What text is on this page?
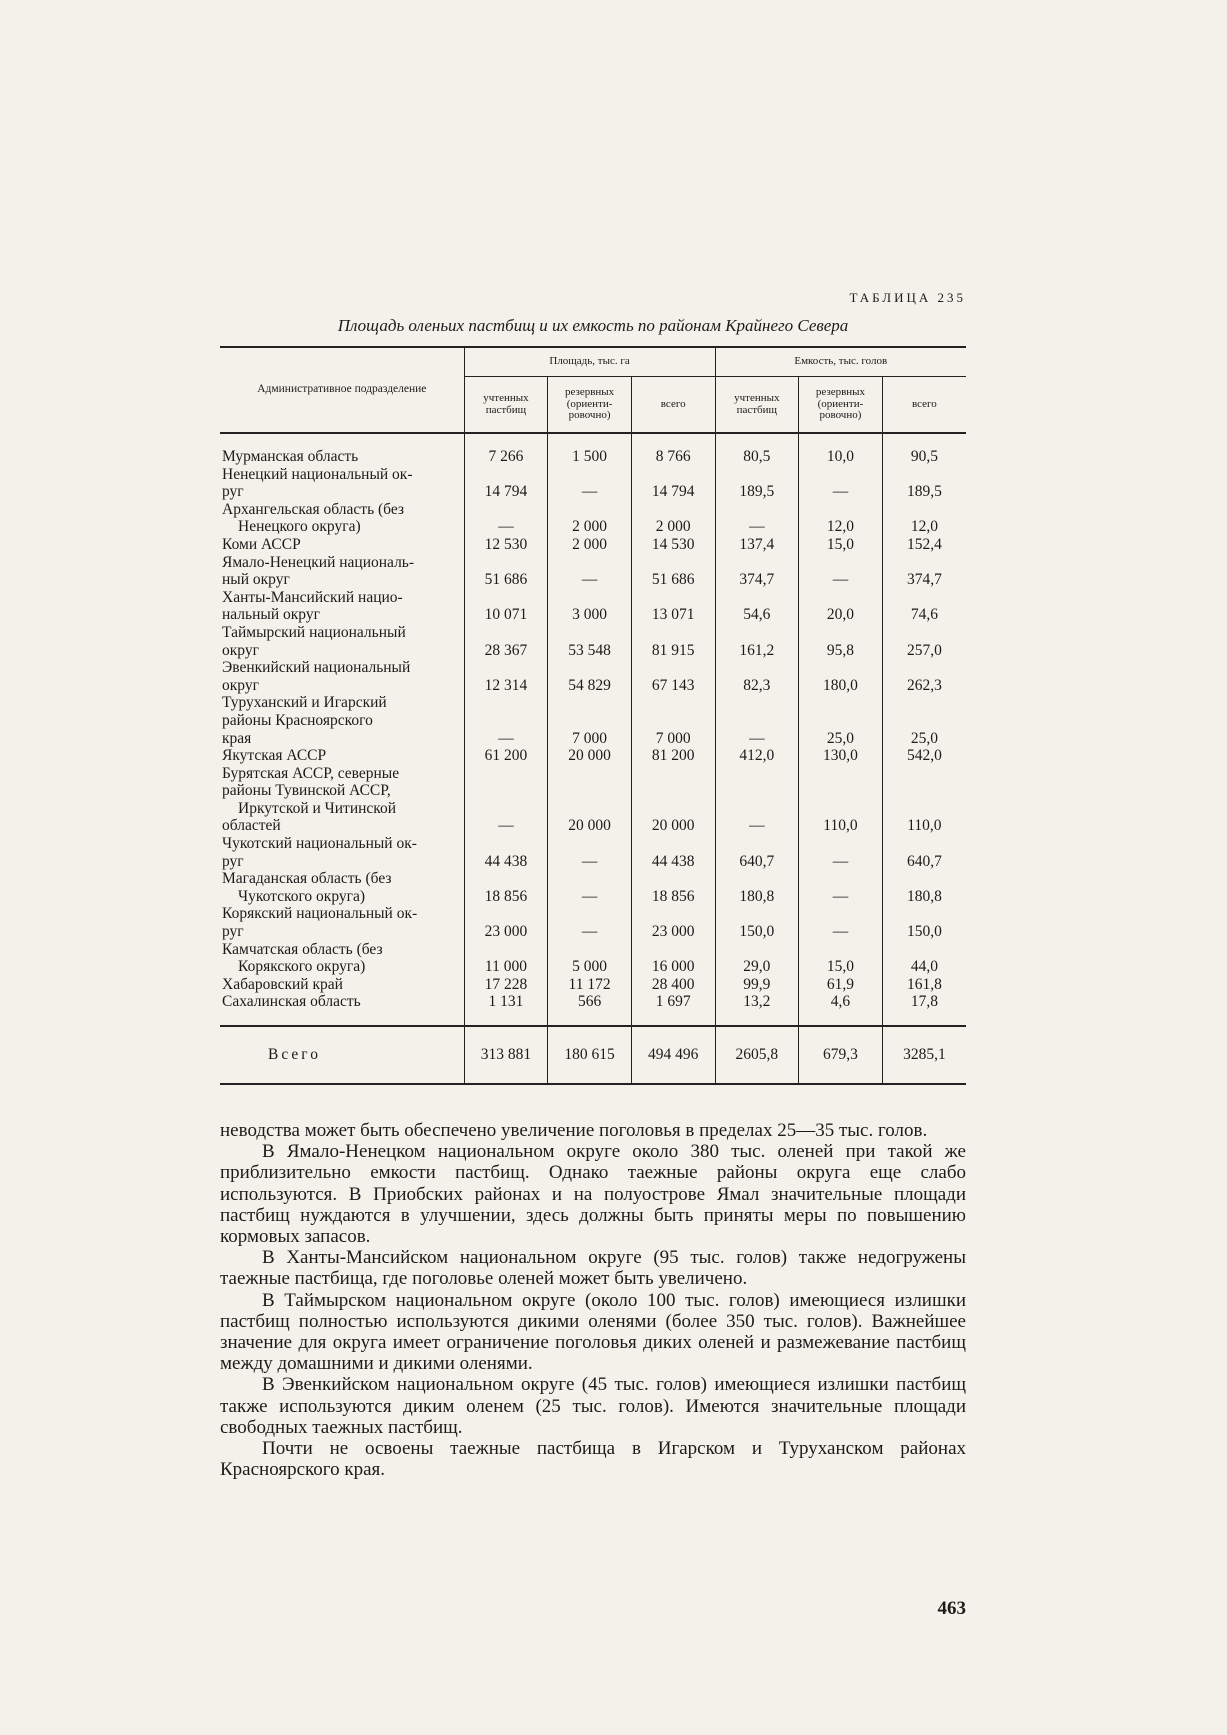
ТАБЛИЦА 235
Площадь оленьих пастбищ и их емкость по районам Крайнего Севера
Административное подразделение	Площадь, тыс. га			Емкость, тыс. голов		
	учтенных пастбищ	резервных (ориенти-ровочно)	всего	учтенных пастбищ	резервных (ориенти-ровочно)	всего

Мурманская область	7 266	1 500	8 766	80,5	10,0	90,5

Ненецкий национальный ок-
руг	14 794	—	14 794	189,5	—	189,5

Архангельская область (без
Ненецкого округа)	—	2 000	2 000	—	12,0	12,0

Коми АССР	12 530	2 000	14 530	137,4	15,0	152,4

Ямало-Ненецкий националь-
ный округ	51 686	—	51 686	374,7	—	374,7

Ханты-Мансийский нацио-
нальный округ	10 071	3 000	13 071	54,6	20,0	74,6

Таймырский национальный
округ	28 367	53 548	81 915	161,2	95,8	257,0

Эвенкийский национальный
округ	12 314	54 829	67 143	82,3	180,0	262,3

Туруханский и Игарский
районы Красноярского
края	—	7 000	7 000	—	25,0	25,0

Якутская АССР	61 200	20 000	81 200	412,0	130,0	542,0

Бурятская АССР, северные
районы Тувинской АССР,
Иркутской и Читинской
областей	—	20 000	20 000	—	110,0	110,0

Чукотский национальный ок-
руг	44 438	—	44 438	640,7	—	640,7

Магаданская область (без
Чукотского округа)	18 856	—	18 856	180,8	—	180,8

Корякский национальный ок-
руг	23 000	—	23 000	150,0	—	150,0

Камчатская область (без
Корякского округа)	11 000	5 000	16 000	29,0	15,0	44,0

Хабаровский край	17 228	11 172	28 400	99,9	61,9	161,8

Сахалинская область	1 131	566	1 697	13,2	4,6	17,8
Всего	313 881	180 615	494 496	2605,8	679,3	3285,1

неводства может быть обеспечено увеличение поголовья в пределах 25—35 тыс. голов.

В Ямало-Ненецком национальном округе около 380 тыс. оленей при такой же приблизительно емкости пастбищ. Однако таежные районы округа еще слабо используются. В Приобских районах и на полуострове Ямал значительные площади пастбищ нуждаются в улучшении, здесь должны быть приняты меры по повышению кормовых запасов.

В Ханты-Мансийском национальном округе (95 тыс. голов) также недогружены таежные пастбища, где поголовье оленей может быть увеличено.

В Таймырском национальном округе (около 100 тыс. голов) имеющиеся излишки пастбищ полностью используются дикими оленями (более 350 тыс. голов). Важнейшее значение для округа имеет ограничение поголовья диких оленей и размежевание пастбищ между домашними и дикими оленями.

В Эвенкийском национальном округе (45 тыс. голов) имеющиеся излишки пастбищ также используются диким оленем (25 тыс. голов). Имеются значительные площади свободных таежных пастбищ.

Почти не освоены таежные пастбища в Игарском и Туруханском районах Красноярского края.

463
